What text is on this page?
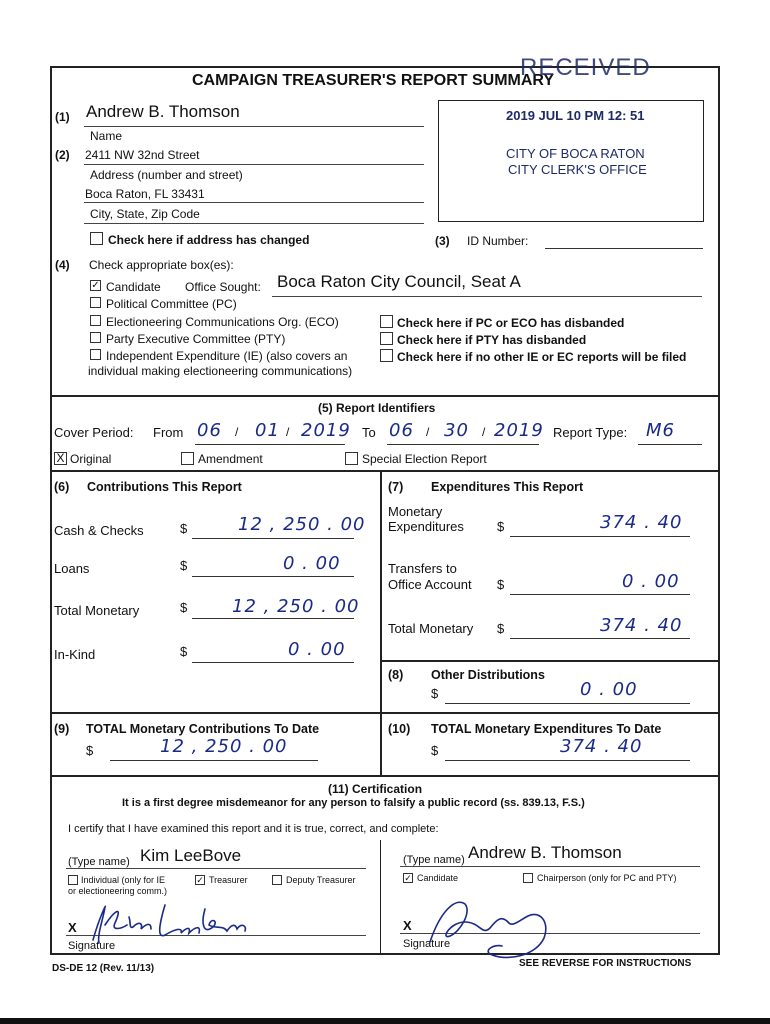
CAMPAIGN TREASURER'S REPORT SUMMARY
RECEIVED
2019 JUL 10 PM 12: 51
CITY OF BOCA RATON
CITY CLERK'S OFFICE
(1) Andrew B. Thomson
Name
(2) 2411 NW 32nd Street
Address (number and street)
Boca Raton, FL 33431
City, State, Zip Code
Check here if address has changed	(3) ID Number:
(4) Check appropriate box(es):
✓ Candidate Office Sought: Boca Raton City Council, Seat A
Political Committee (PC)
Electioneering Communications Org. (ECO)
Party Executive Committee (PTY)
Independent Expenditure (IE) (also covers an
individual making electioneering communications)
Check here if PC or ECO has disbanded
Check here if PTY has disbanded
Check here if no other IE or EC reports will be filed
(5) Report Identifiers
Cover Period: From 06 / 01 / 2019 To 06 / 30 / 2019 Report Type: M6
X Original	Amendment	Special Election Report
(6) Contributions This Report
Cash & Checks	$	12 , 250 . 00
Loans	$	0 . 00
Total Monetary	$ 12 , 250 . 00
In-Kind	$	0 . 00
(7) Expenditures This Report
Monetary
Expenditures	$	374 . 40
Transfers to
Office Account $	0 . 00
Total Monetary $	374 . 40
(8) Other Distributions
$	0 . 00
(9) TOTAL Monetary Contributions To Date
$	12 , 250 . 00
(10) TOTAL Monetary Expenditures To Date
$	374 . 40
(11) Certification
It is a first degree misdemeanor for any person to falsify a public record (ss. 839.13, F.S.)
I certify that I have examined this report and it is true, correct, and complete:
(Type name) Kim LeeBove
Individual (only for IE
or electioneering comm.)
✓ Treasurer	Deputy Treasurer
(Type name) Andrew B. Thomson
✓ Candidate	Chairperson (only for PC and PTY)
X
Signature
X
Signature
DS-DE 12 (Rev. 11/13)	SEE REVERSE FOR INSTRUCTIONS
